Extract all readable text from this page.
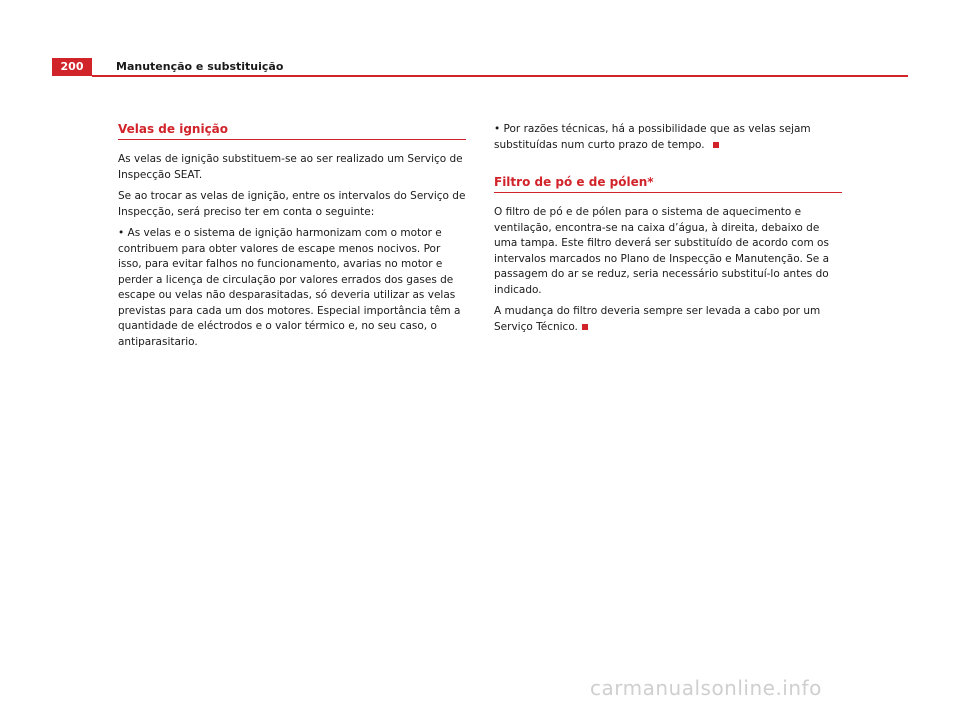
200	Manutenção e substituição
Velas de ignição

As velas de ignição substituem-se ao ser realizado um Serviço de Inspecção SEAT.

Se ao trocar as velas de ignição, entre os intervalos do Serviço de Inspecção, será preciso ter em conta o seguinte:

• As velas e o sistema de ignição harmonizam com o motor e contribuem para obter valores de escape menos nocivos. Por isso, para evitar falhos no funcionamento, avarias no motor e perder a licença de circulação por valores errados dos gases de escape ou velas não desparasitadas, só deveria utilizar as velas previstas para cada um dos motores. Especial importância têm a quantidade de eléctrodos e o valor térmico e, no seu caso, o antiparasitario.

• Por razões técnicas, há a possibilidade que as velas sejam substituídas num curto prazo de tempo.

Filtro de pó e de pólen*

O filtro de pó e de pólen para o sistema de aquecimento e ventilação, encontra-se na caixa d’água, à direita, debaixo de uma tampa. Este filtro deverá ser substituído de acordo com os intervalos marcados no Plano de Inspecção e Manutenção. Se a passagem do ar se reduz, seria necessário substituí-lo antes do indicado.

A mudança do filtro deveria sempre ser levada a cabo por um Serviço Técnico.

carmanualsonline.info
